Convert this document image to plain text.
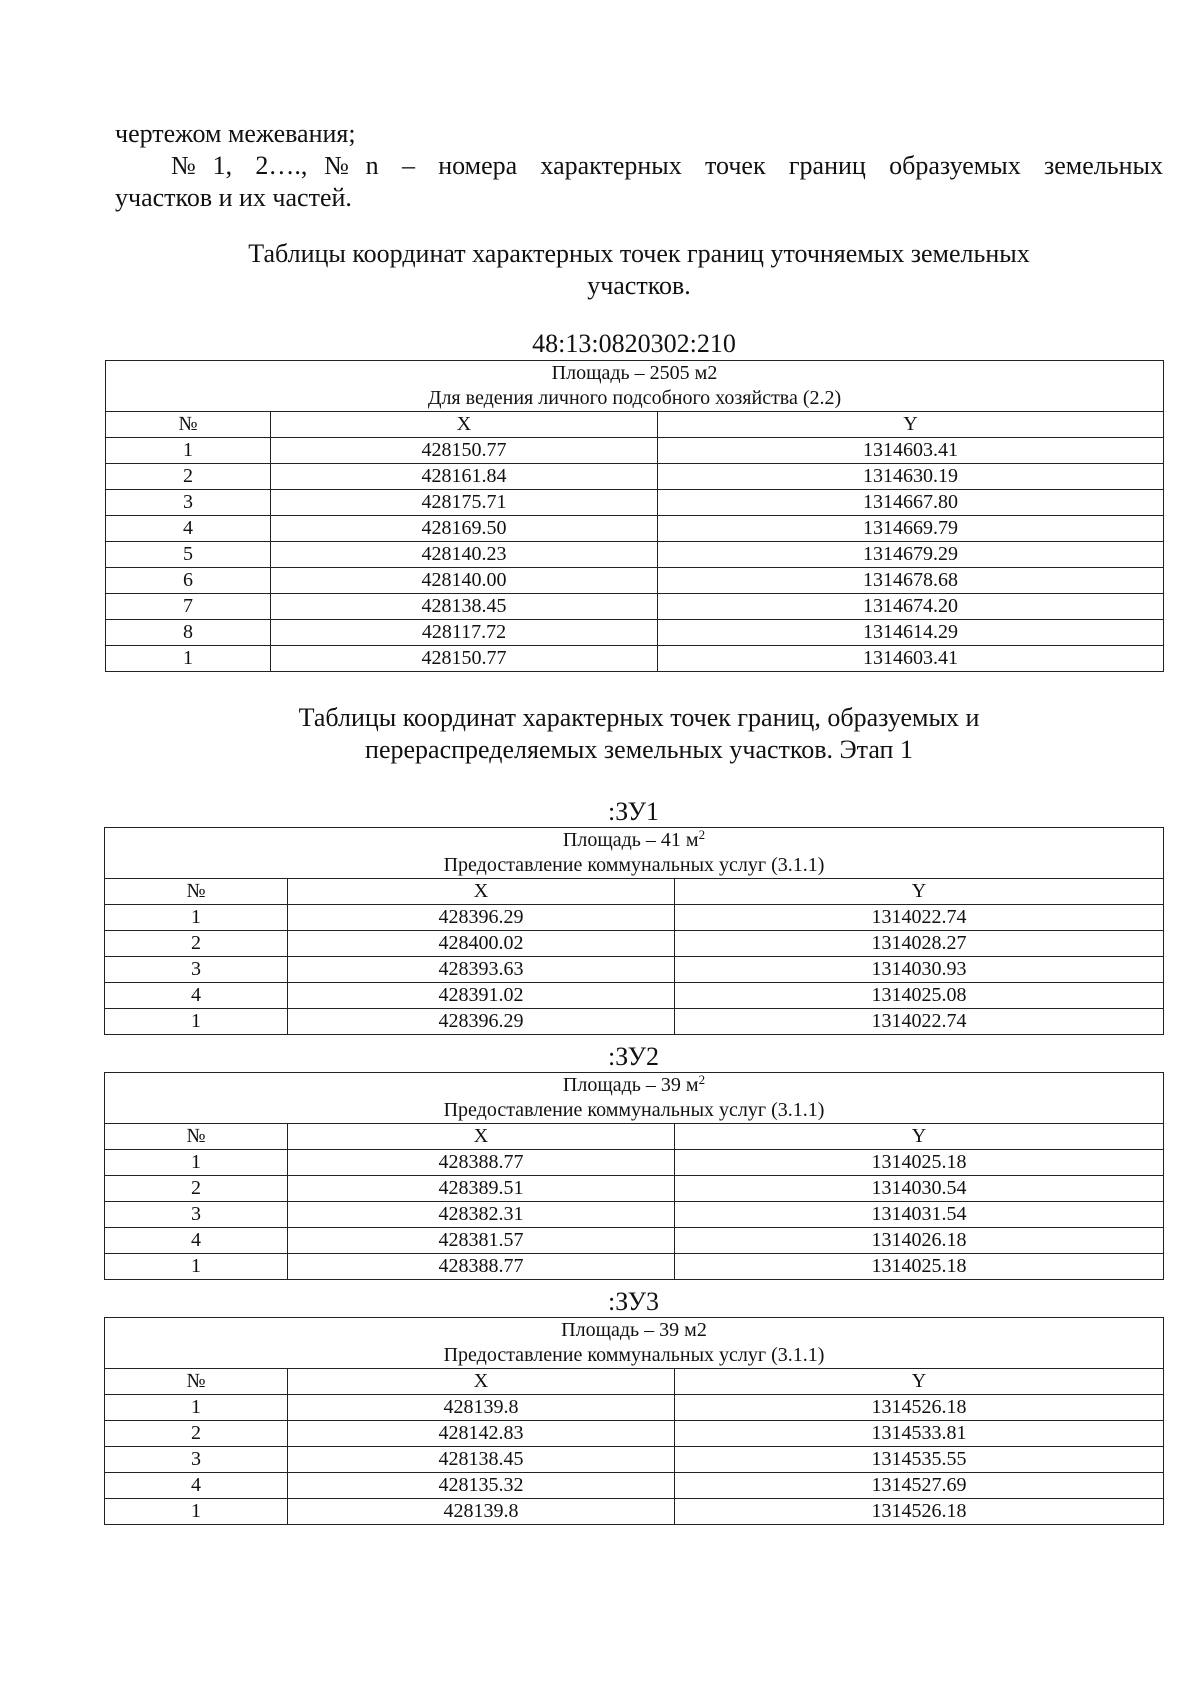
чертежом межевания;
№1, 2….,№n – номера характерных точек границ образуемых земельных
участков и их частей.
Таблицы координат характерных точек границ уточняемых земельных
участков.
Таблицы координат характерных точек границ, образуемых и
перераспределяемых земельных участков. Этап 1
48:13:0820302:210
Площадь – 2505 м2
Для ведения личного подсобного хозяйства (2.2)		
№	X	Y
1	428150.77	1314603.41
2	428161.84	1314630.19
3	428175.71	1314667.80
4	428169.50	1314669.79
5	428140.23	1314679.29
6	428140.00	1314678.68
7	428138.45	1314674.20
8	428117.72	1314614.29
1	428150.77	1314603.41
:ЗУ1
Площадь – 41 $м^2$
Предоставление коммунальных услуг (3.1.1)		
№	X	Y
1	428396.29	1314022.74
2	428400.02	1314028.27
3	428393.63	1314030.93
4	428391.02	1314025.08
1	428396.29	1314022.74
:ЗУ2
Площадь – 39 $м^2$
Предоставление коммунальных услуг (3.1.1)		
№	X	Y
1	428388.77	1314025.18
2	428389.51	1314030.54
3	428382.31	1314031.54
4	428381.57	1314026.18
1	428388.77	1314025.18
:ЗУ3
Площадь – 39 м2
Предоставление коммунальных услуг (3.1.1)		
№	X	Y
1	428139.8	1314526.18
2	428142.83	1314533.81
3	428138.45	1314535.55
4	428135.32	1314527.69
1	428139.8	1314526.18
